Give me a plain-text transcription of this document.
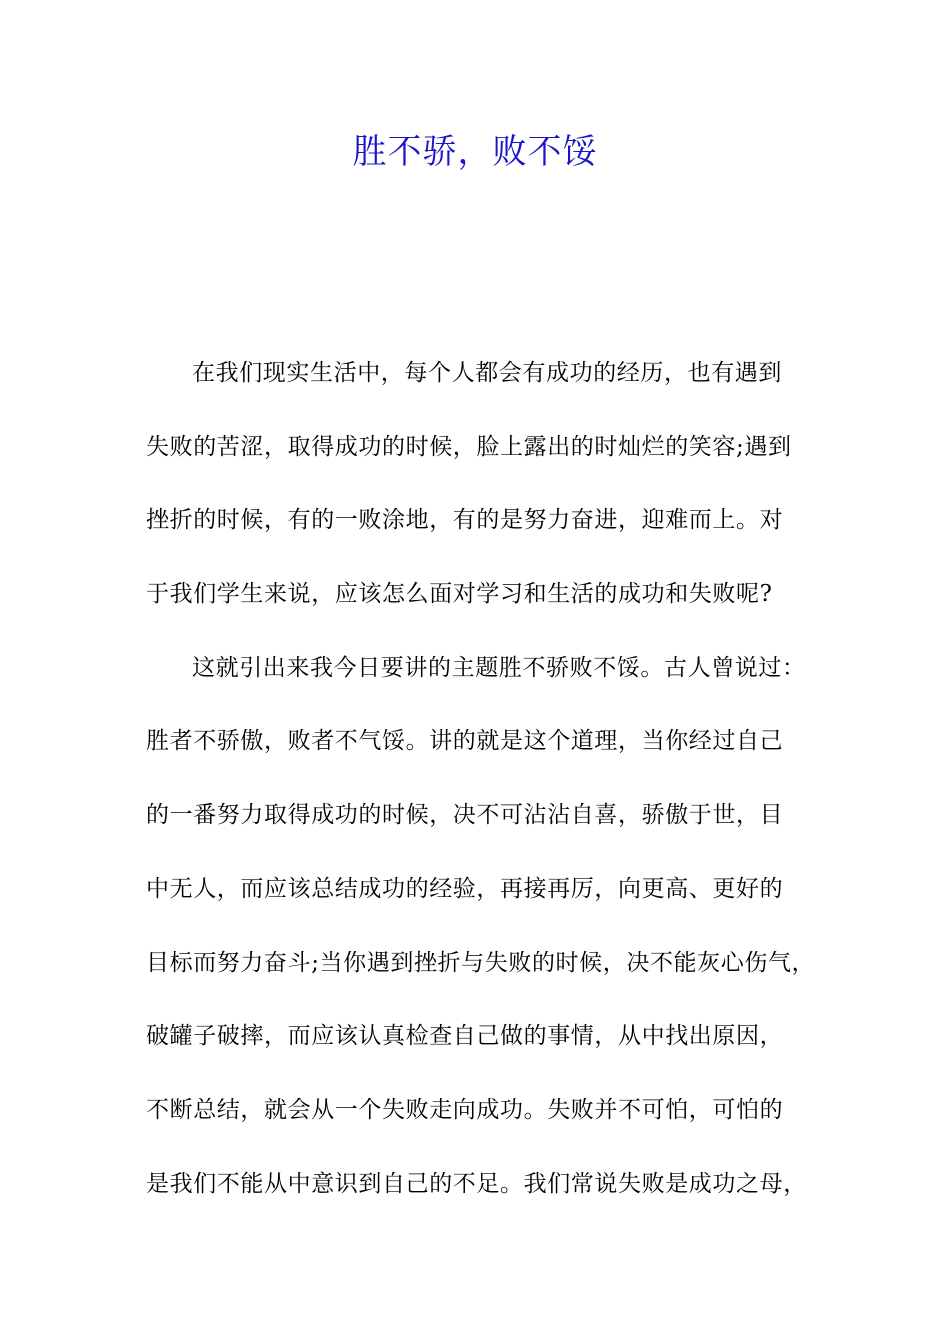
胜不骄，败不馁
在我们现实生活中，每个人都会有成功的经历，也有遇到
失败的苦涩，取得成功的时候，脸上露出的时灿烂的笑容;遇到
挫折的时候，有的一败涂地，有的是努力奋进，迎难而上。对
于我们学生来说，应该怎么面对学习和生活的成功和失败呢?
这就引出来我今日要讲的主题胜不骄败不馁。古人曾说过：
胜者不骄傲，败者不气馁。讲的就是这个道理，当你经过自己
的一番努力取得成功的时候，决不可沾沾自喜，骄傲于世，目
中无人，而应该总结成功的经验，再接再厉，向更高、更好的
目标而努力奋斗;当你遇到挫折与失败的时候，决不能灰心伤气，
破罐子破摔，而应该认真检查自己做的事情，从中找出原因，
不断总结，就会从一个失败走向成功。失败并不可怕，可怕的
是我们不能从中意识到自己的不足。我们常说失败是成功之母，
